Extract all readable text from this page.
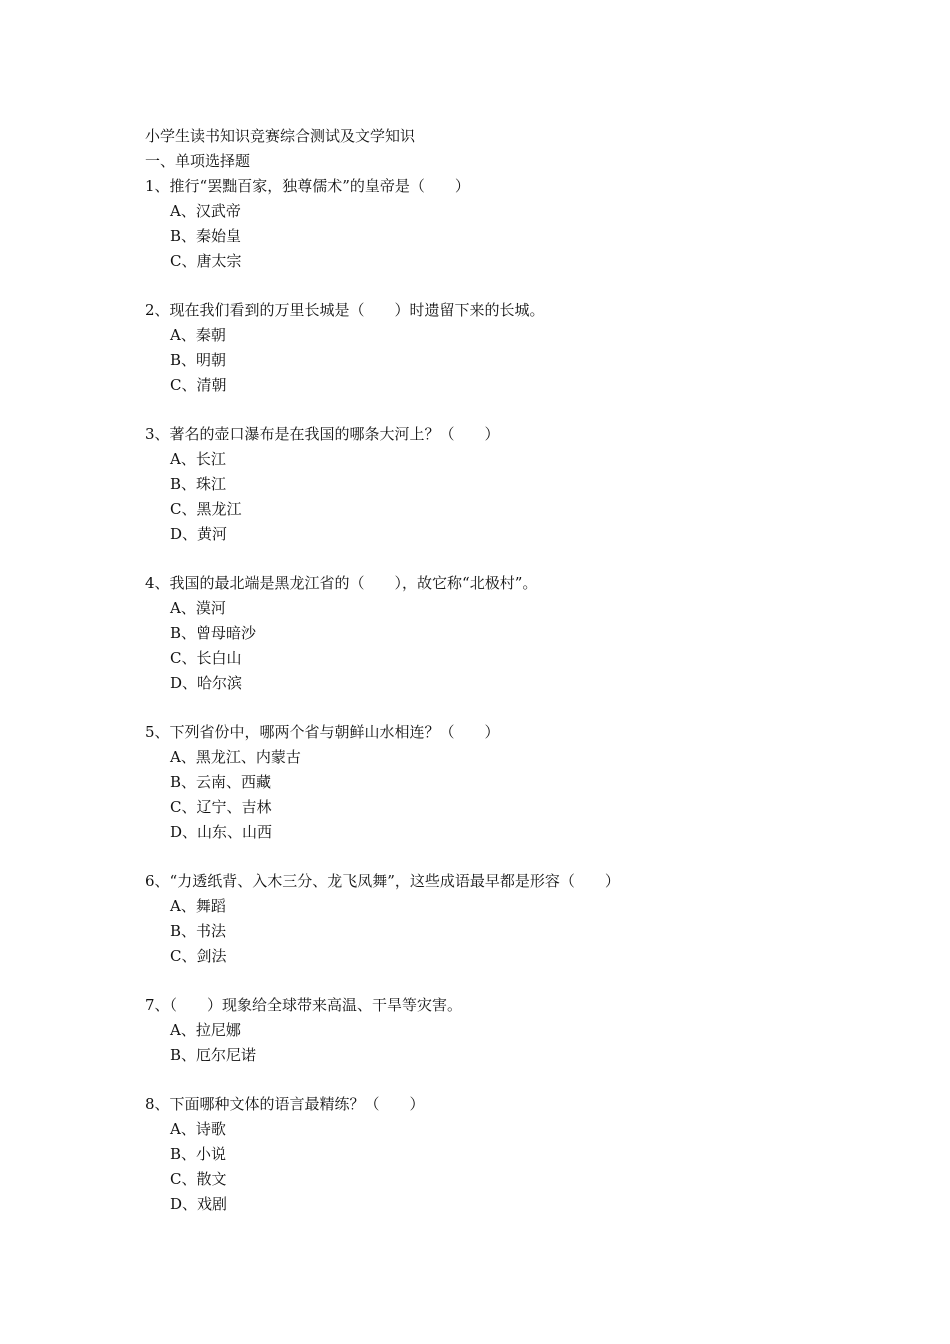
小学生读书知识竞赛综合测试及文学知识
一、单项选择题
1、推行“罢黜百家，独尊儒术”的皇帝是（　　）
A、汉武帝
B、秦始皇
C、唐太宗
2、现在我们看到的万里长城是（　　）时遗留下来的长城。
A、秦朝
B、明朝
C、清朝
3、著名的壶口瀑布是在我国的哪条大河上？（　　）
A、长江
B、珠江
C、黑龙江
D、黄河
4、我国的最北端是黑龙江省的（　　），故它称“北极村”。
A、漠河
B、曾母暗沙
C、长白山
D、哈尔滨
5、下列省份中，哪两个省与朝鲜山水相连？（　　）
A、黑龙江、内蒙古
B、云南、西藏
C、辽宁、吉林
D、山东、山西
6、“力透纸背、入木三分、龙飞凤舞”，这些成语最早都是形容（　　）
A、舞蹈
B、书法
C、剑法
7、（　　）现象给全球带来高温、干旱等灾害。
A、拉尼娜
B、厄尔尼诺
8、下面哪种文体的语言最精练？（　　）
A、诗歌
B、小说
C、散文
D、戏剧
